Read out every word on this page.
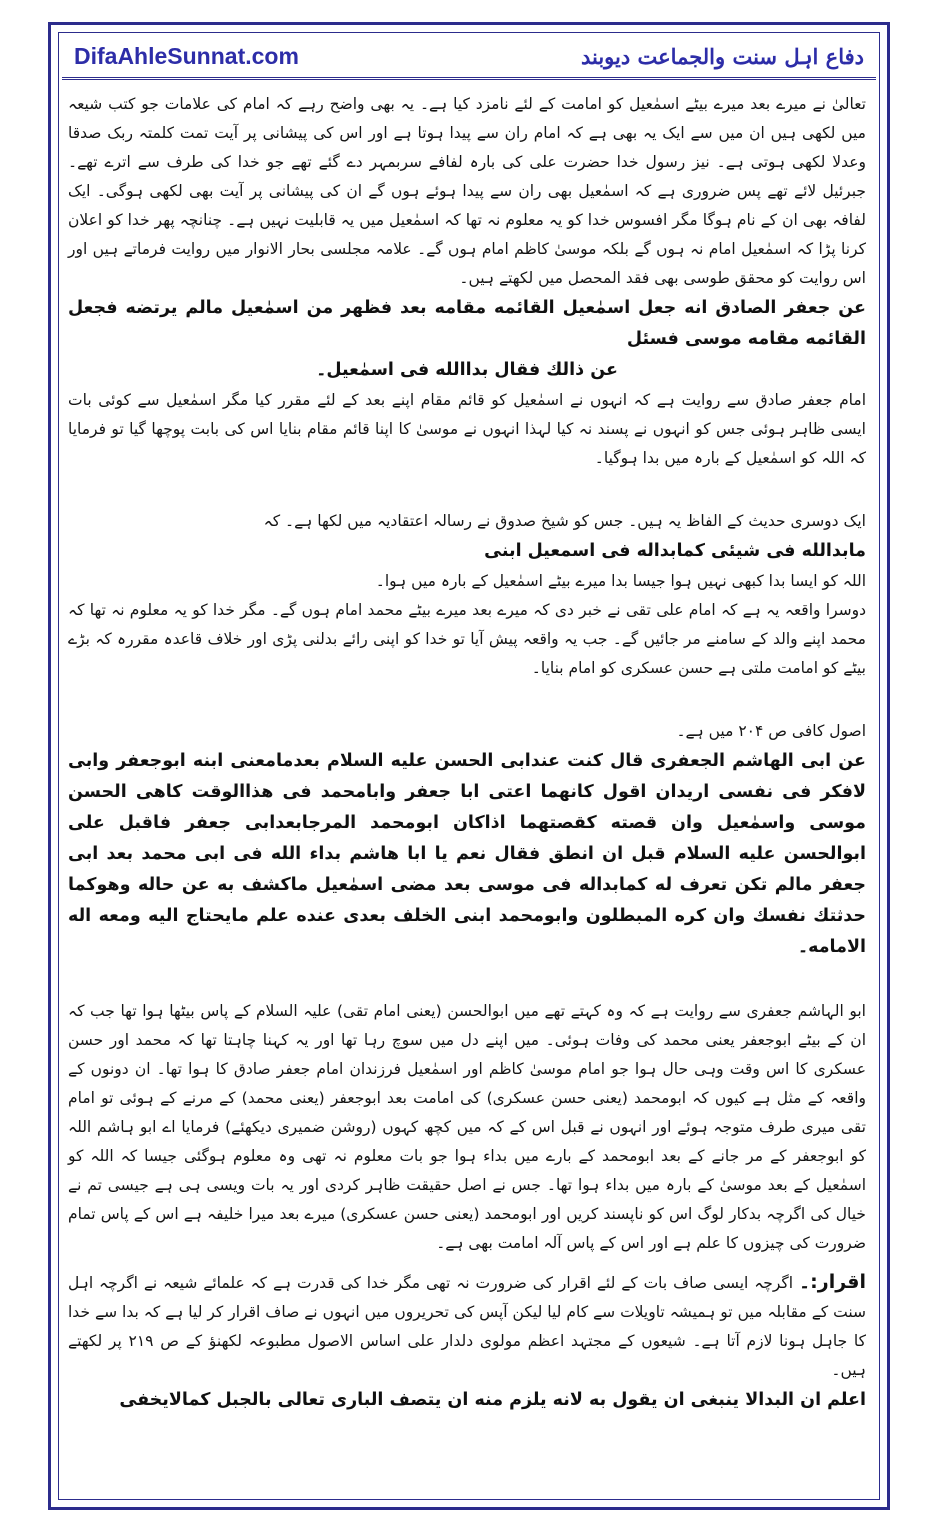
DifaAhleSunnat.com	دفاع اہل سنت والجماعت دیوبند

تعالیٰ نے میرے بعد میرے بیٹے اسمٰعیل کو امامت کے لئے نامزد کیا ہے۔ یہ بھی واضح رہے کہ امام کی علامات جو کتب شیعہ میں لکھی ہیں ان میں سے ایک یہ بھی ہے کہ امام ران سے پیدا ہوتا ہے اور اس کی پیشانی پر آیت تمت کلمتہ ربک صدقا وعدلا لکھی ہوتی ہے۔ نیز رسول خدا حضرت علی کی بارہ لفافے سربمہر دے گئے تھے جو خدا کی طرف سے اترے تھے۔ جبرئیل لائے تھے پس ضروری ہے کہ اسمٰعیل بھی ران سے پیدا ہوئے ہوں گے ان کی پیشانی پر آیت بھی لکھی ہوگی۔ ایک لفافہ بھی ان کے نام ہوگا مگر افسوس خدا کو یہ معلوم نہ تھا کہ اسمٰعیل میں یہ قابلیت نہیں ہے۔ چنانچہ پھر خدا کو اعلان کرنا پڑا کہ اسمٰعیل امام نہ ہوں گے بلکہ موسیٰ کاظم امام ہوں گے۔ علامہ مجلسی بحار الانوار میں روایت فرماتے ہیں اور اس روایت کو محقق طوسی بھی فقد المحصل میں لکھتے ہیں۔

عن جعفر الصادق انه جعل اسمٰعيل القائمه مقامه بعد فظهر من اسمٰعيل مالم يرتضه فجعل القائمه مقامه موسى فسئل

عن ذالك فقال بداالله فى اسمٰعيل۔

امام جعفر صادق سے روایت ہے کہ انہوں نے اسمٰعیل کو قائم مقام اپنے بعد کے لئے مقرر کیا مگر اسمٰعیل سے کوئی بات ایسی ظاہر ہوئی جس کو انہوں نے پسند نہ کیا لہذا انہوں نے موسیٰ کا اپنا قائم مقام بنایا اس کی بابت پوچھا گیا تو فرمایا کہ اللہ کو اسمٰعیل کے بارہ میں بدا ہوگیا۔

ایک دوسری حدیث کے الفاظ یہ ہیں۔ جس کو شیخ صدوق نے رسالہ اعتقادیہ میں لکھا ہے۔ کہ

مابدالله فى شيئى كمابداله فى اسمعيل ابنى

اللہ کو ایسا بدا کبھی نہیں ہوا جیسا بدا میرے بیٹے اسمٰعیل کے بارہ میں ہوا۔

دوسرا واقعہ یہ ہے کہ امام علی تقی نے خبر دی کہ میرے بعد میرے بیٹے محمد امام ہوں گے۔ مگر خدا کو یہ معلوم نہ تھا کہ محمد اپنے والد کے سامنے مر جائیں گے۔ جب یہ واقعہ پیش آیا تو خدا کو اپنی رائے بدلنی پڑی اور خلاف قاعدہ مقررہ کہ بڑے بیٹے کو امامت ملتی ہے حسن عسکری کو امام بنایا۔

اصول کافی ص ۲۰۴ میں ہے۔

عن ابى الهاشم الجعفرى قال كنت عندابى الحسن عليه السلام بعدمامعنى ابنه ابوجعفر وابى لافكر فى نفسى اريدان اقول كانهما اعتى ابا جعفر وابامحمد فى هذاالوقت كاهى الحسن موسى واسمٰعيل وان قصته كقصتهما اذاكان ابومحمد المرجابعدابى جعفر فاقبل على ابوالحسن عليه السلام قبل ان انطق فقال نعم يا ابا هاشم بداء الله فى ابى محمد بعد ابى جعفر مالم تكن تعرف له كمابداله فى موسى بعد مضى اسمٰعيل ماكشف به عن حاله وهوكما حدثتك نفسك وان كره المبطلون وابومحمد ابنى الخلف بعدى عنده علم مايحتاج اليه ومعه اله الامامه۔

ابو الہاشم جعفری سے روایت ہے کہ وہ کہتے تھے میں ابوالحسن (یعنی امام تقی) علیہ السلام کے پاس بیٹھا ہوا تھا جب کہ ان کے بیٹے ابوجعفر یعنی محمد کی وفات ہوئی۔ میں اپنے دل میں سوچ رہا تھا اور یہ کہنا چاہتا تھا کہ محمد اور حسن عسکری کا اس وقت وہی حال ہوا جو امام موسیٰ کاظم اور اسمٰعیل فرزندان امام جعفر صادق کا ہوا تھا۔ ان دونوں کے واقعہ کے مثل ہے کیوں کہ ابومحمد (یعنی حسن عسکری) کی امامت بعد ابوجعفر (یعنی محمد) کے مرنے کے ہوئی تو امام تقی میری طرف متوجہ ہوئے اور انہوں نے قبل اس کے کہ میں کچھ کہوں (روشن ضمیری دیکھئے) فرمایا اے ابو ہاشم اللہ کو ابوجعفر کے مر جانے کے بعد ابومحمد کے بارے میں بداء ہوا جو بات معلوم نہ تھی وہ معلوم ہوگئی جیسا کہ اللہ کو اسمٰعیل کے بعد موسیٰ کے بارہ میں بداء ہوا تھا۔ جس نے اصل حقیقت ظاہر کردی اور یہ بات ویسی ہی ہے جیسی تم نے خیال کی اگرچہ بدکار لوگ اس کو ناپسند کریں اور ابومحمد (یعنی حسن عسکری) میرے بعد میرا خلیفہ ہے اس کے پاس تمام ضرورت کی چیزوں کا علم ہے اور اس کے پاس آلہ امامت بھی ہے۔

اقرار:۔ اگرچہ ایسی صاف بات کے لئے اقرار کی ضرورت نہ تھی مگر خدا کی قدرت ہے کہ علمائے شیعہ نے اگرچہ اہل سنت کے مقابلہ میں تو ہمیشہ تاویلات سے کام لیا لیکن آپس کی تحریروں میں انہوں نے صاف اقرار کر لیا ہے کہ بدا سے خدا کا جاہل ہونا لازم آتا ہے۔ شیعوں کے مجتہد اعظم مولوی دلدار علی اساس الاصول مطبوعہ لکھنؤ کے ص ۲۱۹ پر لکھتے ہیں۔

اعلم ان البدالا ينبغى ان يقول به لانه يلزم منه ان يتصف البارى تعالى بالجبل كمالايخفى
